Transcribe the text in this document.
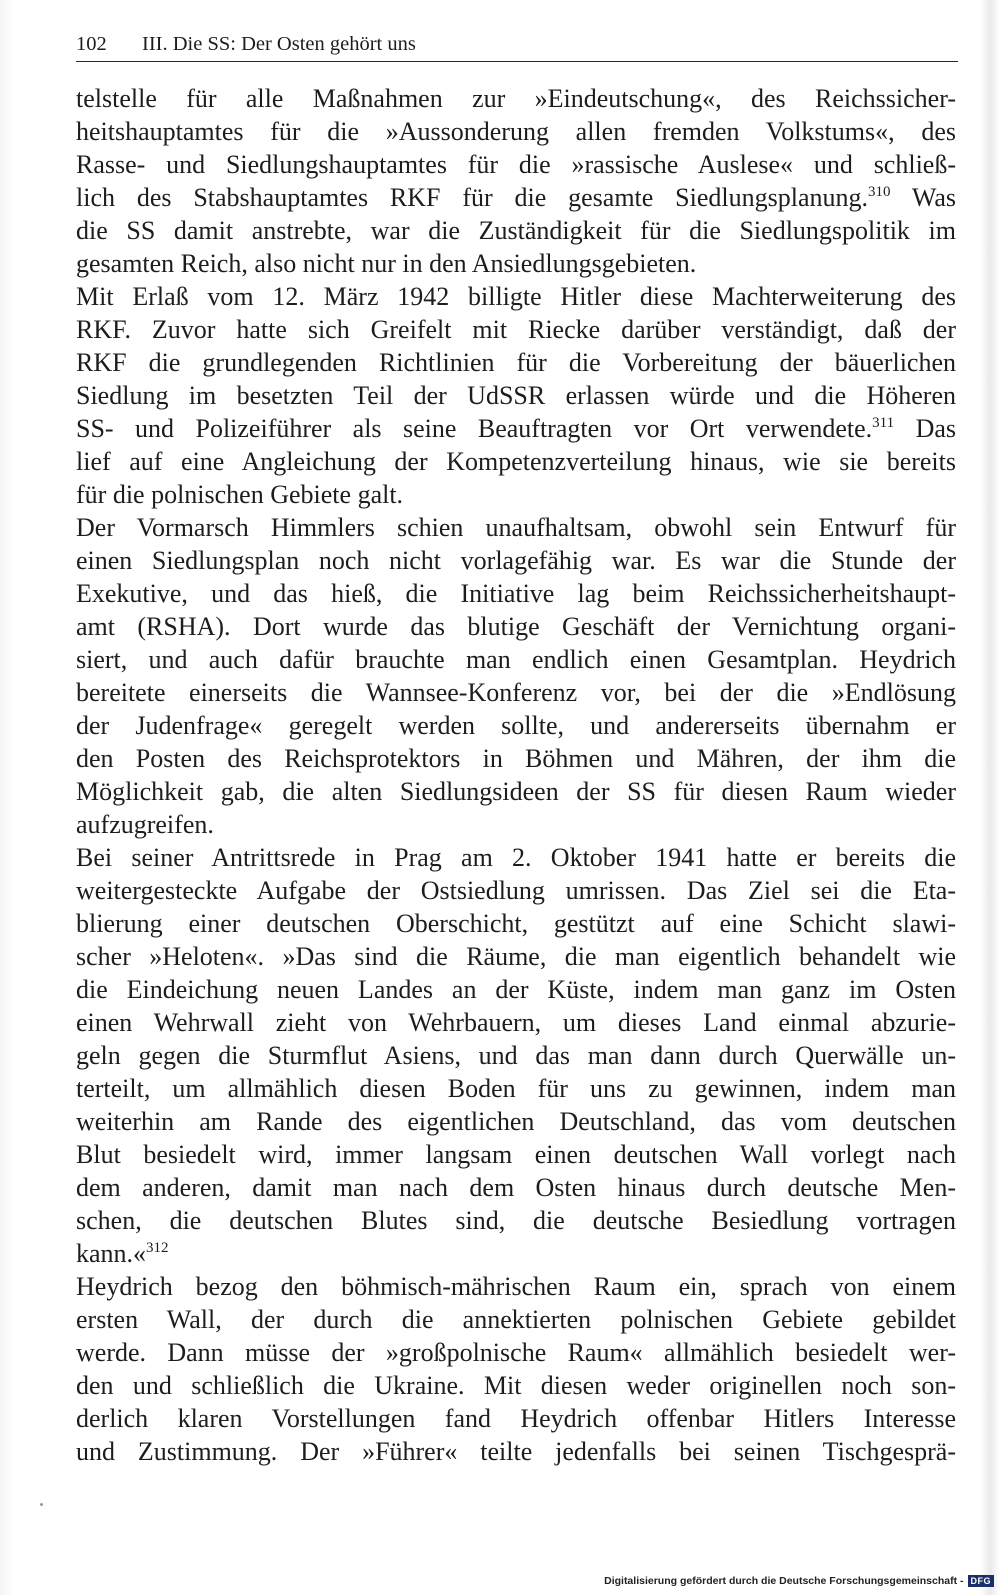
102 III. Die SS: Der Osten gehört uns
telstelle für alle Maßnahmen zur »Eindeutschung«, des Reichssicher-
heitshauptamtes für die »Aussonderung allen fremden Volkstums«, des
Rasse- und Siedlungshauptamtes für die »rassische Auslese« und schließ-
lich des Stabshauptamtes RKF für die gesamte Siedlungsplanung.$^{310}$ Was
die SS damit anstrebte, war die Zuständigkeit für die Siedlungspolitik im
gesamten Reich, also nicht nur in den Ansiedlungsgebieten.
Mit Erlaß vom 12. März 1942 billigte Hitler diese Machterweiterung des
RKF. Zuvor hatte sich Greifelt mit Riecke darüber verständigt, daß der
RKF die grundlegenden Richtlinien für die Vorbereitung der bäuerlichen
Siedlung im besetzten Teil der UdSSR erlassen würde und die Höheren
SS- und Polizeiführer als seine Beauftragten vor Ort verwendete.$^{311}$ Das
lief auf eine Angleichung der Kompetenzverteilung hinaus, wie sie bereits
für die polnischen Gebiete galt.
Der Vormarsch Himmlers schien unaufhaltsam, obwohl sein Entwurf für
einen Siedlungsplan noch nicht vorlagefähig war. Es war die Stunde der
Exekutive, und das hieß, die Initiative lag beim Reichssicherheitshaupt-
amt (RSHA). Dort wurde das blutige Geschäft der Vernichtung organi-
siert, und auch dafür brauchte man endlich einen Gesamtplan. Heydrich
bereitete einerseits die Wannsee-Konferenz vor, bei der die »Endlösung
der Judenfrage« geregelt werden sollte, und andererseits übernahm er
den Posten des Reichsprotektors in Böhmen und Mähren, der ihm die
Möglichkeit gab, die alten Siedlungsideen der SS für diesen Raum wieder
aufzugreifen.
Bei seiner Antrittsrede in Prag am 2. Oktober 1941 hatte er bereits die
weitergesteckte Aufgabe der Ostsiedlung umrissen. Das Ziel sei die Eta-
blierung einer deutschen Oberschicht, gestützt auf eine Schicht slawi-
scher »Heloten«. »Das sind die Räume, die man eigentlich behandelt wie
die Eindeichung neuen Landes an der Küste, indem man ganz im Osten
einen Wehrwall zieht von Wehrbauern, um dieses Land einmal abzurie-
geln gegen die Sturmflut Asiens, und das man dann durch Querwälle un-
terteilt, um allmählich diesen Boden für uns zu gewinnen, indem man
weiterhin am Rande des eigentlichen Deutschland, das vom deutschen
Blut besiedelt wird, immer langsam einen deutschen Wall vorlegt nach
dem anderen, damit man nach dem Osten hinaus durch deutsche Men-
schen, die deutschen Blutes sind, die deutsche Besiedlung vortragen
kann.«$^{312}$
Heydrich bezog den böhmisch-mährischen Raum ein, sprach von einem
ersten Wall, der durch die annektierten polnischen Gebiete gebildet
werde. Dann müsse der »großpolnische Raum« allmählich besiedelt wer-
den und schließlich die Ukraine. Mit diesen weder originellen noch son-
derlich klaren Vorstellungen fand Heydrich offenbar Hitlers Interesse
und Zustimmung. Der »Führer« teilte jedenfalls bei seinen Tischgesprä-
Digitalisierung gefördert durch die Deutsche Forschungsgemeinschaft - DFG
